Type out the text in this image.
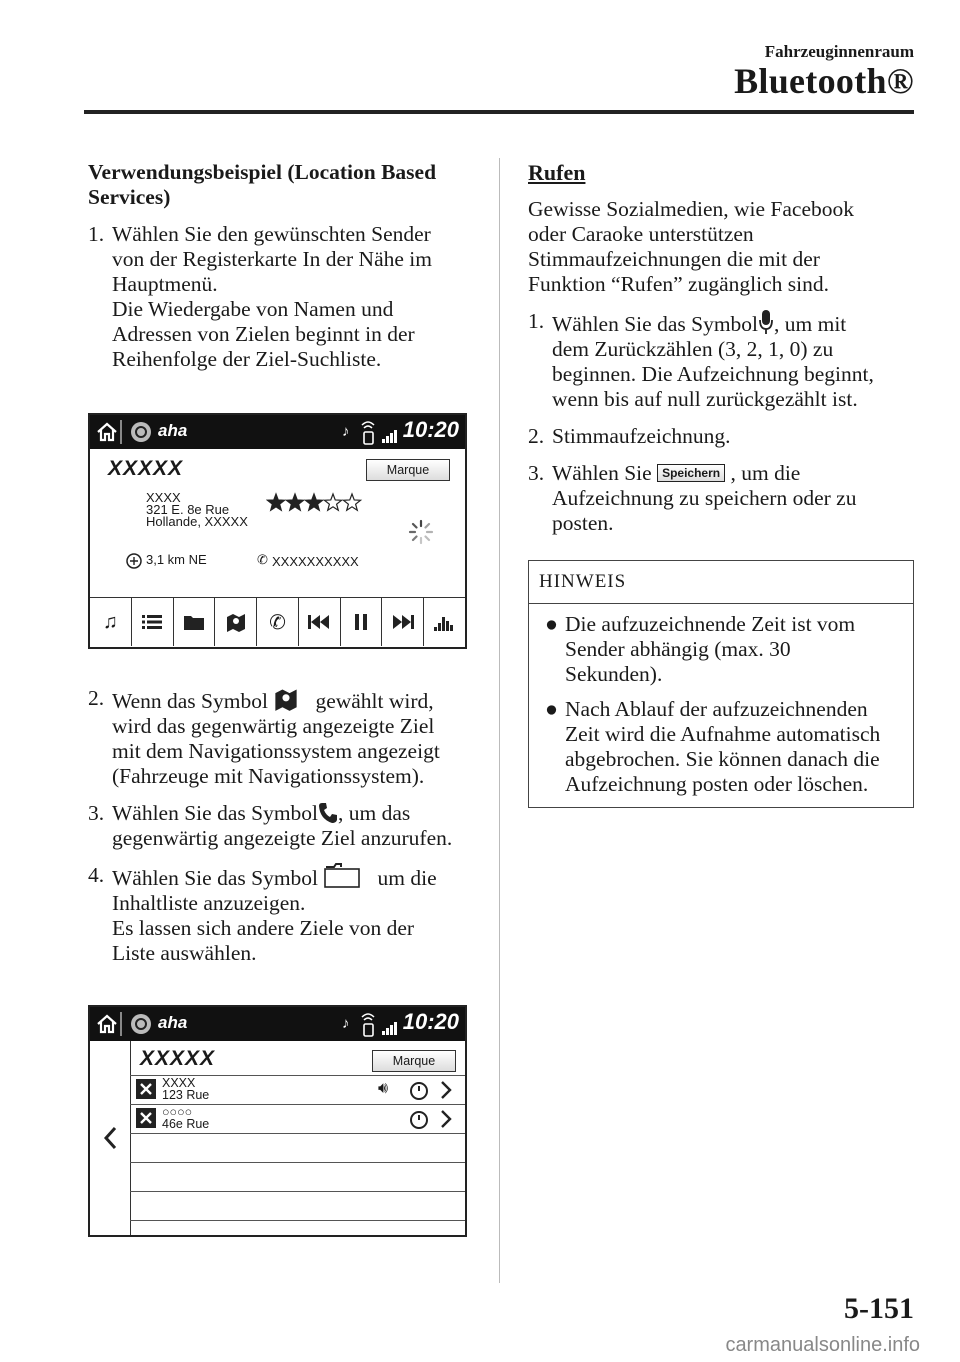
Fahrzeuginnenraum
Bluetooth®

Verwendungsbeispiel (Location Based

Services)

1. Wählen Sie den gewünschten Sender

von der Registerkarte In der Nähe im

Hauptmenü.

Die Wiedergabe von Namen und

Adressen von Zielen beginnt in der

Reihenfolge der Ziel-Suchliste.

aha	♪ 10:20
XXXXX	Marque
XXXX
321 E. 8e Rue
Hollande, XXXXX
3,1 km NE	✆ XXXXXXXXXX
♫	✆
2. Wenn das Symbol gewählt wird,

wird das gegenwärtig angezeigte Ziel

mit dem Navigationssystem angezeigt

(Fahrzeuge mit Navigationssystem).

3. Wählen Sie das Symbol , um das

gegenwärtig angezeigte Ziel anzurufen.

4. Wählen Sie das Symbol	um die

Inhaltliste anzuzeigen.

Es lassen sich andere Ziele von der

Liste auswählen.

aha	♪ 10:20
XXXXX	Marque
XXXX
123 Rue	🔊︎
○○○○
46e Rue

Rufen

Gewisse Sozialmedien, wie Facebook

oder Caraoke unterstützen

Stimmaufzeichnungen die mit der

Funktion “Rufen” zugänglich sind.

1. Wählen Sie das Symbol , um mit

dem Zurückzählen (3, 2, 1, 0) zu

beginnen. Die Aufzeichnung beginnt,

wenn bis auf null zurückgezählt ist.

2. Stimmaufzeichnung.

3. Wählen Sie Speichern , um die

Aufzeichnung zu speichern oder zu

posten.

HINWEIS
● Die aufzuzeichnende Zeit ist vom
Sender abhängig (max. 30
Sekunden).
● Nach Ablauf der aufzuzeichnenden
Zeit wird die Aufnahme automatisch
abgebrochen. Sie können danach die
Aufzeichnung posten oder löschen.
5-151
carmanualsonline.info
